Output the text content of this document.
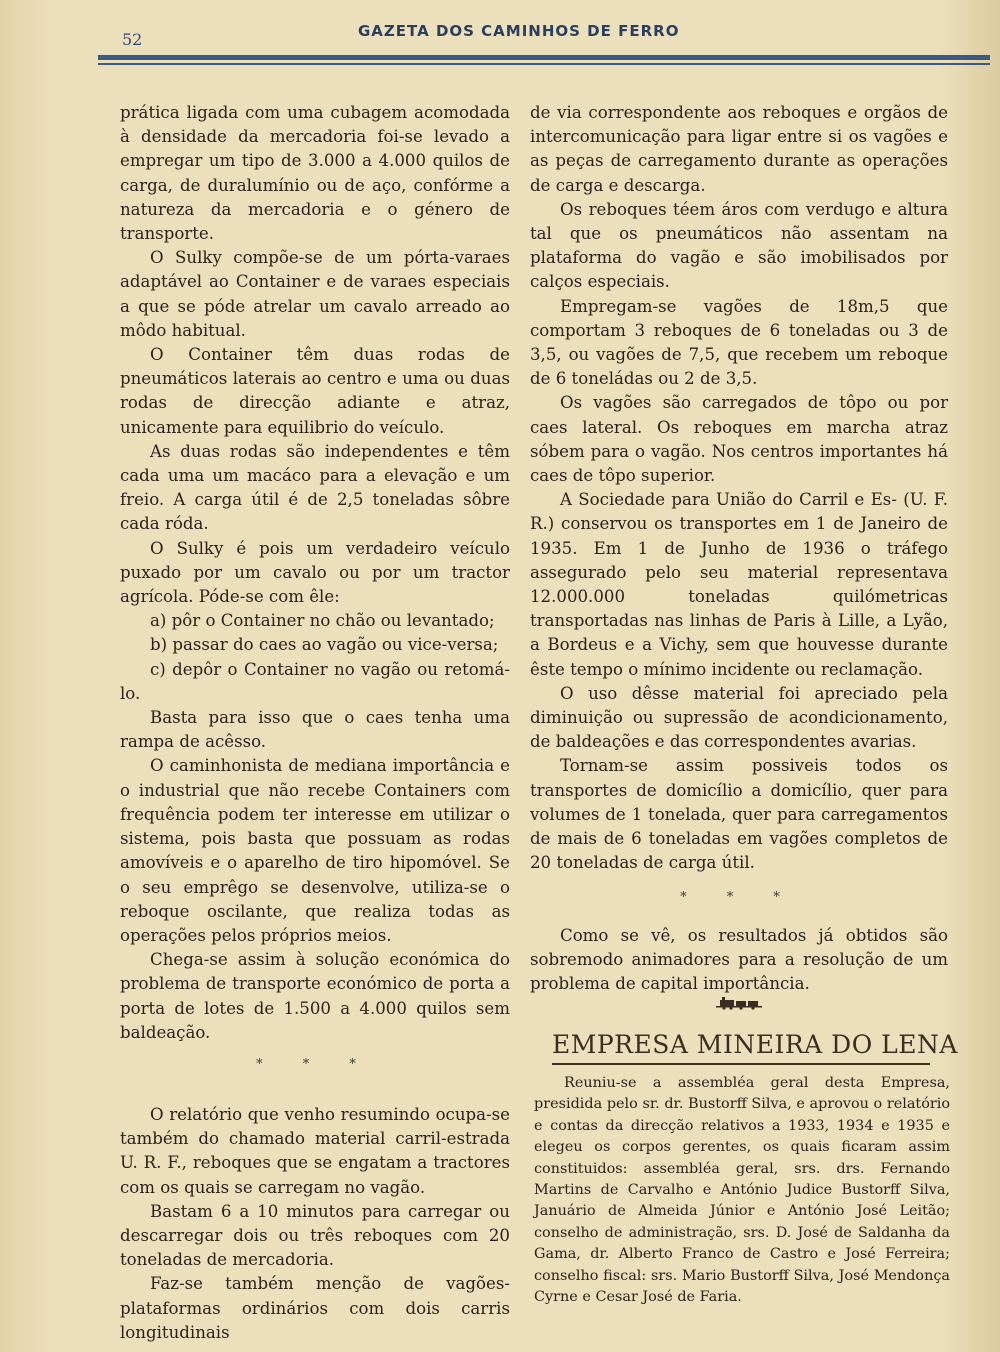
52	GAZETA DOS CAMINHOS DE FERRO

prática ligada com uma cubagem acomodada à densidade da mercadoria foi-se levado a empregar um tipo de 3.000 a 4.000 quilos de carga, de duralumínio ou de aço, confórme a natureza da mercadoria e o género de transporte.

O Sulky compõe-se de um pórta-varaes adaptável ao Container e de varaes especiais a que se póde atrelar um cavalo arreado ao môdo habitual.

O Container têm duas rodas de pneumáticos laterais ao centro e uma ou duas rodas de direcção adiante e atraz, unicamente para equilibrio do veículo.

As duas rodas são independentes e têm cada uma um macáco para a elevação e um freio. A carga útil é de 2,5 toneladas sôbre cada róda.

O Sulky é pois um verdadeiro veículo puxado por um cavalo ou por um tractor agrícola. Póde-se com êle:

a) pôr o Container no chão ou levantado;

b) passar do caes ao vagão ou vice-versa;

c) depôr o Container no vagão ou retomá-lo.

Basta para isso que o caes tenha uma rampa de acêsso.

O caminhonista de mediana importância e o industrial que não recebe Containers com frequência podem ter interesse em utilizar o sistema, pois basta que possuam as rodas amovíveis e o aparelho de tiro hipomóvel. Se o seu emprêgo se desenvolve, utiliza-se o reboque oscilante, que realiza todas as operações pelos próprios meios.

Chega-se assim à solução económica do problema de transporte económico de porta a porta de lotes de 1.500 a 4.000 quilos sem baldeação.

* * *

O relatório que venho resumindo ocupa-se também do chamado material carril-estrada U. R. F., reboques que se engatam a tractores com os quais se carregam no vagão.

Bastam 6 a 10 minutos para carregar ou descarregar dois ou três reboques com 20 toneladas de mercadoria.

Faz-se também menção de vagões-plataformas ordinários com dois carris longitudinais

de via correspondente aos reboques e orgãos de intercomunicação para ligar entre si os vagões e as peças de carregamento durante as operações de carga e descarga.

Os reboques téem áros com verdugo e altura tal que os pneumáticos não assentam na plataforma do vagão e são imobilisados por calços especiais.

Empregam-se vagões de 18m,5 que comportam 3 reboques de 6 toneladas ou 3 de 3,5, ou vagões de 7,5, que recebem um reboque de 6 toneládas ou 2 de 3,5.

Os vagões são carregados de tôpo ou por caes lateral. Os reboques em marcha atraz sóbem para o vagão. Nos centros importantes há caes de tôpo superior.

A Sociedade para União do Carril e Es- (U. F. R.) conservou os transportes em 1 de Janeiro de 1935. Em 1 de Junho de 1936 o tráfego assegurado pelo seu material representava 12.000.000 toneladas quilómetricas transportadas nas linhas de Paris à Lille, a Lyão, a Bordeus e a Vichy, sem que houvesse durante êste tempo o mínimo incidente ou reclamação.

O uso dêsse material foi apreciado pela diminuição ou supressão de acondicionamento, de baldeações e das correspondentes avarias.

Tornam-se assim possiveis todos os transportes de domicílio a domicílio, quer para volumes de 1 tonelada, quer para carregamentos de mais de 6 toneladas em vagões completos de 20 toneladas de carga útil.

* * *

Como se vê, os resultados já obtidos são sobremodo animadores para a resolução de um problema de capital importância.

EMPRESA MINEIRA DO LENA

Reuniu-se a assembléa geral desta Empresa, presidida pelo sr. dr. Bustorff Silva, e aprovou o relatório e contas da direcção relativos a 1933, 1934 e 1935 e elegeu os corpos gerentes, os quais ficaram assim constituidos: assembléa geral, srs. drs. Fernando Martins de Carvalho e António Judice Bustorff Silva, Januário de Almeida Júnior e António José Leitão; conselho de administração, srs. D. José de Saldanha da Gama, dr. Alberto Franco de Castro e José Ferreira; conselho fiscal: srs. Mario Bustorff Silva, José Mendonça Cyrne e Cesar José de Faria.
